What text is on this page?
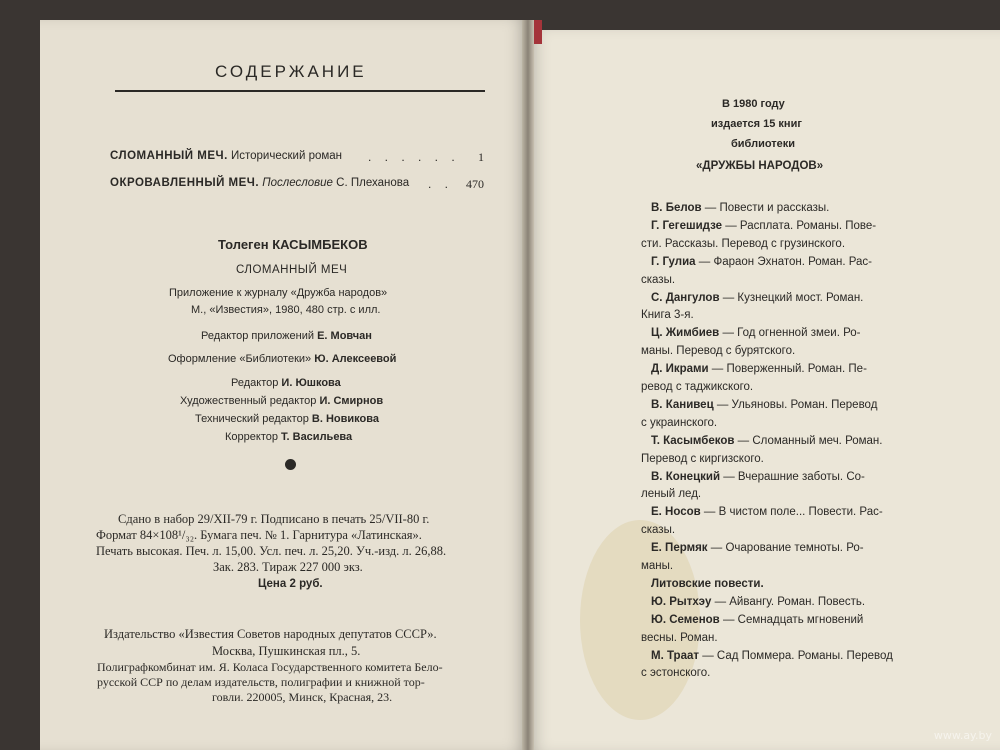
СОДЕРЖАНИЕ
СЛОМАННЫЙ МЕЧ. Исторический роман . . . . . . 1
ОКРОВАВЛЕННЫЙ МЕЧ. Послесловие С. Плеханова . . 470
Толеген КАСЫМБЕКОВ
СЛОМАННЫЙ МЕЧ
Приложение к журналу «Дружба народов»
М., «Известия», 1980, 480 стр. с илл.
Редактор приложений Е. Мовчан
Оформление «Библиотеки» Ю. Алексеевой
Редактор И. Юшкова
Художественный редактор И. Смирнов
Технический редактор В. Новикова
Корректор Т. Васильева
Сдано в набор 29/XII-79 г. Подписано в печать 25/VII-80 г.
Формат 84×108¹/₃₂. Бумага печ. № 1. Гарнитура «Латинская».
Печать высокая. Печ. л. 15,00. Усл. печ. л. 25,20. Уч.-изд. л. 26,88.
Зак. 283. Тираж 227 000 экз.
Цена 2 руб.
Издательство «Известия Советов народных депутатов СССР».
Москва, Пушкинская пл., 5.
Полиграфкомбинат им. Я. Коласа Государственного комитета Бело-
русской ССР по делам издательств, полиграфии и книжной тор-
говли. 220005, Минск, Красная, 23.
В 1980 году
издается 15 книг
библиотеки
«ДРУЖБЫ НАРОДОВ»
В. Белов — Повести и рассказы.
Г. Гегешидзе — Расплата. Романы. Пове-
сти. Рассказы. Перевод с грузинского.
Г. Гулиа — Фараон Эхнатон. Роман. Рас-
сказы.
С. Дангулов — Кузнецкий мост. Роман.
Книга 3-я.
Ц. Жимбиев — Год огненной змеи. Ро-
маны. Перевод с бурятского.
Д. Икрами — Поверженный. Роман. Пе-
ревод с таджикского.
В. Канивец — Ульяновы. Роман. Перевод
с украинского.
Т. Касымбеков — Сломанный меч. Роман.
Перевод с киргизского.
В. Конецкий — Вчерашние заботы. Со-
леный лед.
Е. Носов — В чистом поле... Повести. Рас-
сказы.
Е. Пермяк — Очарование темноты. Ро-
маны.
Литовские повести.
Ю. Рытхэу — Айвангу. Роман. Повесть.
Ю. Семенов — Семнадцать мгновений
весны. Роман.
М. Траат — Сад Поммера. Романы. Перевод
с эстонского.
www.ay.by
